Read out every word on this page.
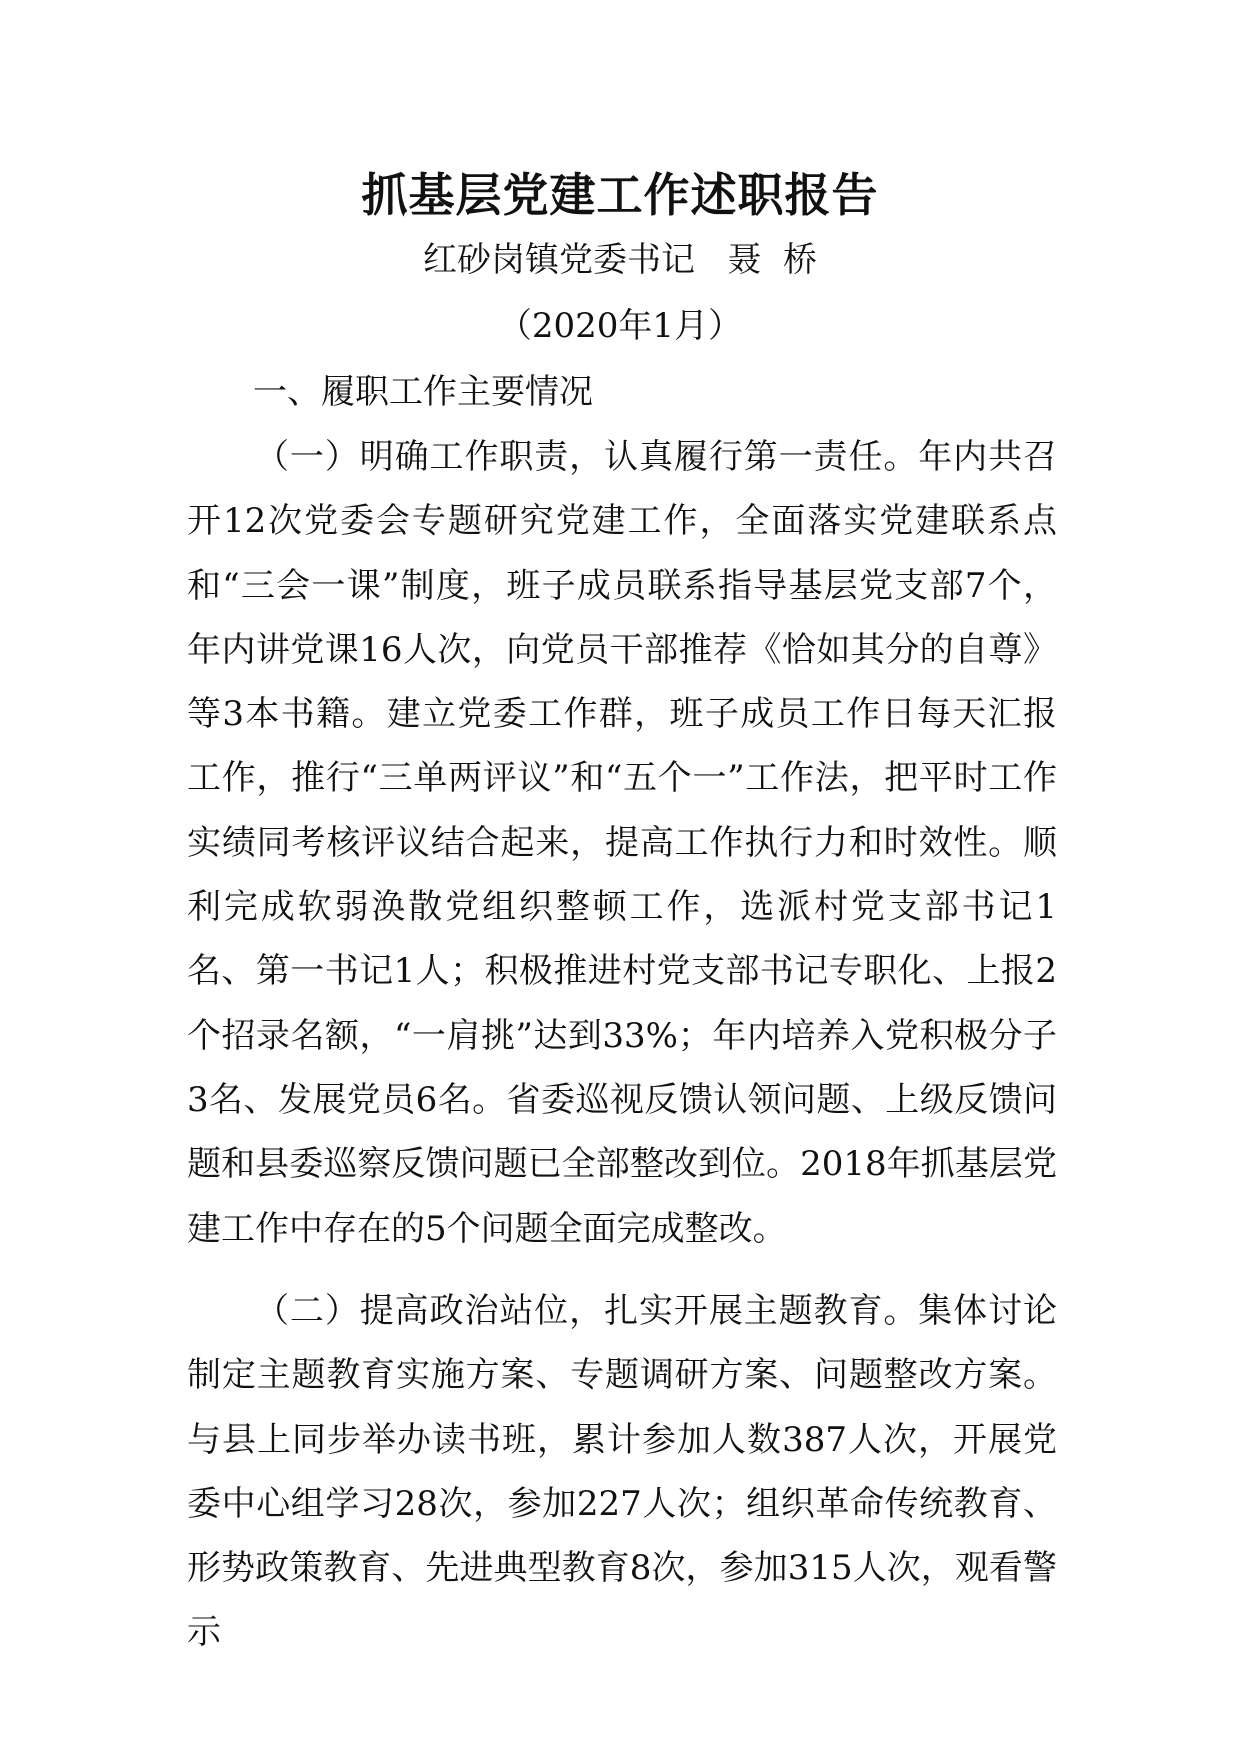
抓基层党建工作述职报告

红砂岗镇党委书记   聂  桥

（2020年1月）

一、履职工作主要情况

（一）明确工作职责，认真履行第一责任。年内共召开12次党委会专题研究党建工作，全面落实党建联系点和“三会一课”制度，班子成员联系指导基层党支部7个，年内讲党课16人次，向党员干部推荐《恰如其分的自尊》等3本书籍。建立党委工作群，班子成员工作日每天汇报工作，推行“三单两评议”和“五个一”工作法，把平时工作实绩同考核评议结合起来，提高工作执行力和时效性。顺利完成软弱涣散党组织整顿工作，选派村党支部书记1名、第一书记1人；积极推进村党支部书记专职化、上报2个招录名额，“一肩挑”达到33%；年内培养入党积极分子3名、发展党员6名。省委巡视反馈认领问题、上级反馈问题和县委巡察反馈问题已全部整改到位。2018年抓基层党建工作中存在的5个问题全面完成整改。

（二）提高政治站位，扎实开展主题教育。集体讨论制定主题教育实施方案、专题调研方案、问题整改方案。与县上同步举办读书班，累计参加人数387人次，开展党委中心组学习28次，参加227人次；组织革命传统教育、形势政策教育、先进典型教育8次，参加315人次，观看警示
